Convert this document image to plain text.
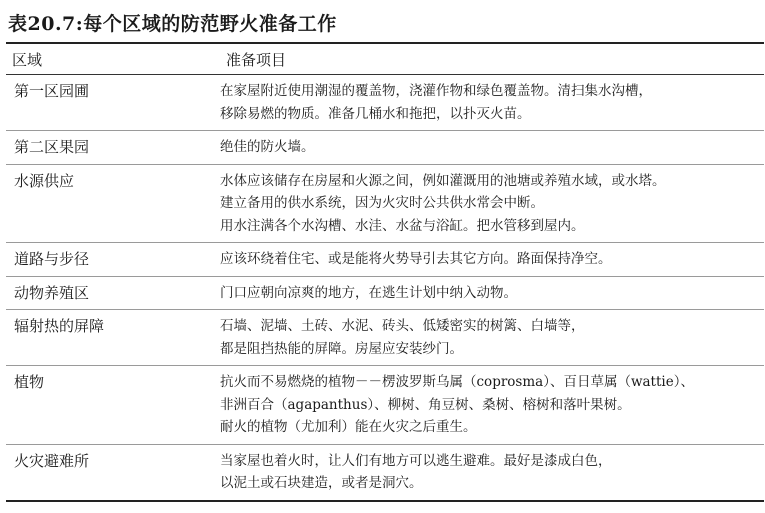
表20.7:每个区域的防范野火准备工作
区域	准备项目
第一区园圃	在家屋附近使用潮湿的覆盖物，浇灌作物和绿色覆盖物。清扫集水沟槽，
移除易燃的物质。准备几桶水和拖把，以扑灭火苗。

第二区果园	绝佳的防火墙。

水源供应	水体应该储存在房屋和火源之间，例如灌溉用的池塘或养殖水域，或水塔。
建立备用的供水系统，因为火灾时公共供水常会中断。
用水注满各个水沟槽、水洼、水盆与浴缸。把水管移到屋内。

道路与步径	应该环绕着住宅、或是能将火势导引去其它方向。路面保持净空。

动物养殖区	门口应朝向凉爽的地方，在逃生计划中纳入动物。

辐射热的屏障	石墙、泥墙、土砖、水泥、砖头、低矮密实的树篱、白墙等，
都是阻挡热能的屏障。房屋应安装纱门。

植物	抗火而不易燃烧的植物－－楞波罗斯乌属（coprosma）、百日草属（wattie）、
非洲百合（agapanthus）、柳树、角豆树、桑树、榕树和落叶果树。
耐火的植物（尤加利）能在火灾之后重生。

火灾避难所	当家屋也着火时，让人们有地方可以逃生避难。最好是漆成白色，
以泥土或石块建造，或者是洞穴。
